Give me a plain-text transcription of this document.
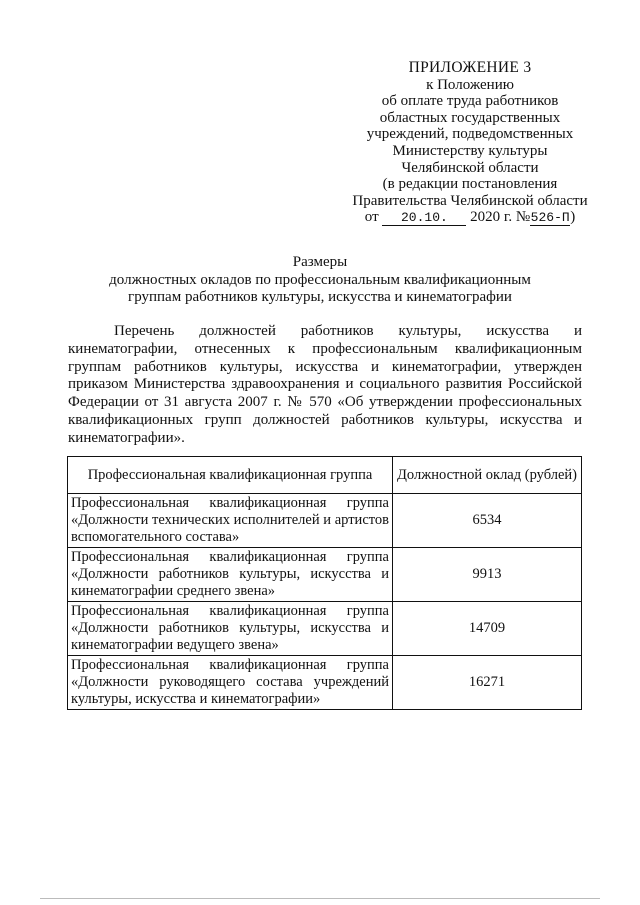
ПРИЛОЖЕНИЕ 3
к Положению
об оплате труда работников
областных государственных
учреждений, подведомственных
Министерству культуры
Челябинской области
(в редакции постановления
Правительства Челябинской области
от 20.10. 2020 г. №526-П)
Размеры
должностных окладов по профессиональным квалификационным
группам работников культуры, искусства и кинематографии

Перечень должностей работников культуры, искусства и кинематографии, отнесенных к профессиональным квалификационным группам работников культуры, искусства и кинематографии, утвержден приказом Министерства здравоохранения и социального развития Российской Федерации от 31 августа 2007 г. № 570 «Об утверждении профессиональных квалификационных групп должностей работников культуры, искусства и кинематографии».

Профессиональная квалификационная группа	Должностной оклад (рублей)
Профессиональная квалификационная группа «Должности технических исполнителей и артистов вспомогательного состава»	6534
Профессиональная квалификационная группа «Должности работников культуры, искусства и кинематографии среднего звена»	9913
Профессиональная квалификационная группа «Должности работников культуры, искусства и кинематографии ведущего звена»	14709
Профессиональная квалификационная группа «Должности руководящего состава учреждений культуры, искусства и кинематографии»	16271
